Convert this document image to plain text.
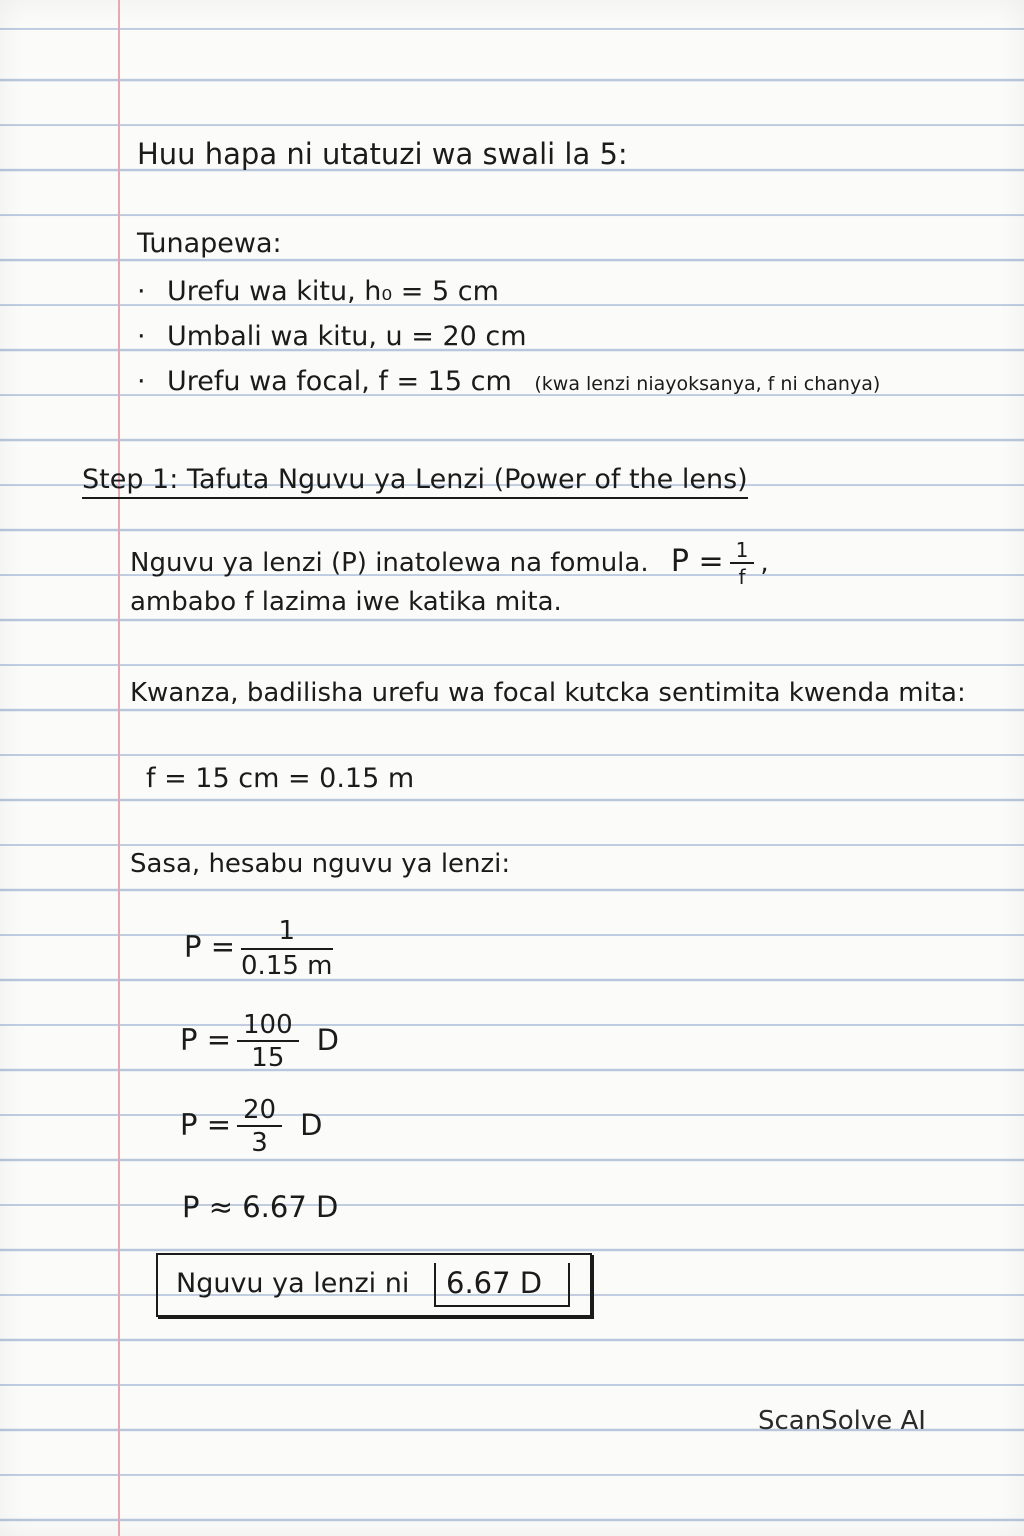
Huu hapa ni utatuzi wa swali la 5:
Tunapewa:
· Urefu wa kitu, h₀ = 5 cm
· Umbali wa kitu, u = 20 cm
· Urefu wa focal, f = 15 cm (kwa lenzi niayoksanya, f ni chanya)
Step 1: Tafuta Nguvu ya Lenzi (Power of the lens)
Nguvu ya lenzi (P) inatolewa na fomula. $P = \frac{1}{f}$ ,
ambabo f lazima iwe katika mita.
Kwanza, badilisha urefu wa focal kutcka sentimita kwenda mita:
f = 15 cm = 0.15 m
Sasa, hesabu nguvu ya lenzi:
$P = \frac{1}{0.15 m}$
$P = \frac{100}{15}$ D
$P = \frac{20}{3}$ D
P ≈ 6.67 D
Nguvu ya lenzi ni 6.67 D
ScanSolve AI
